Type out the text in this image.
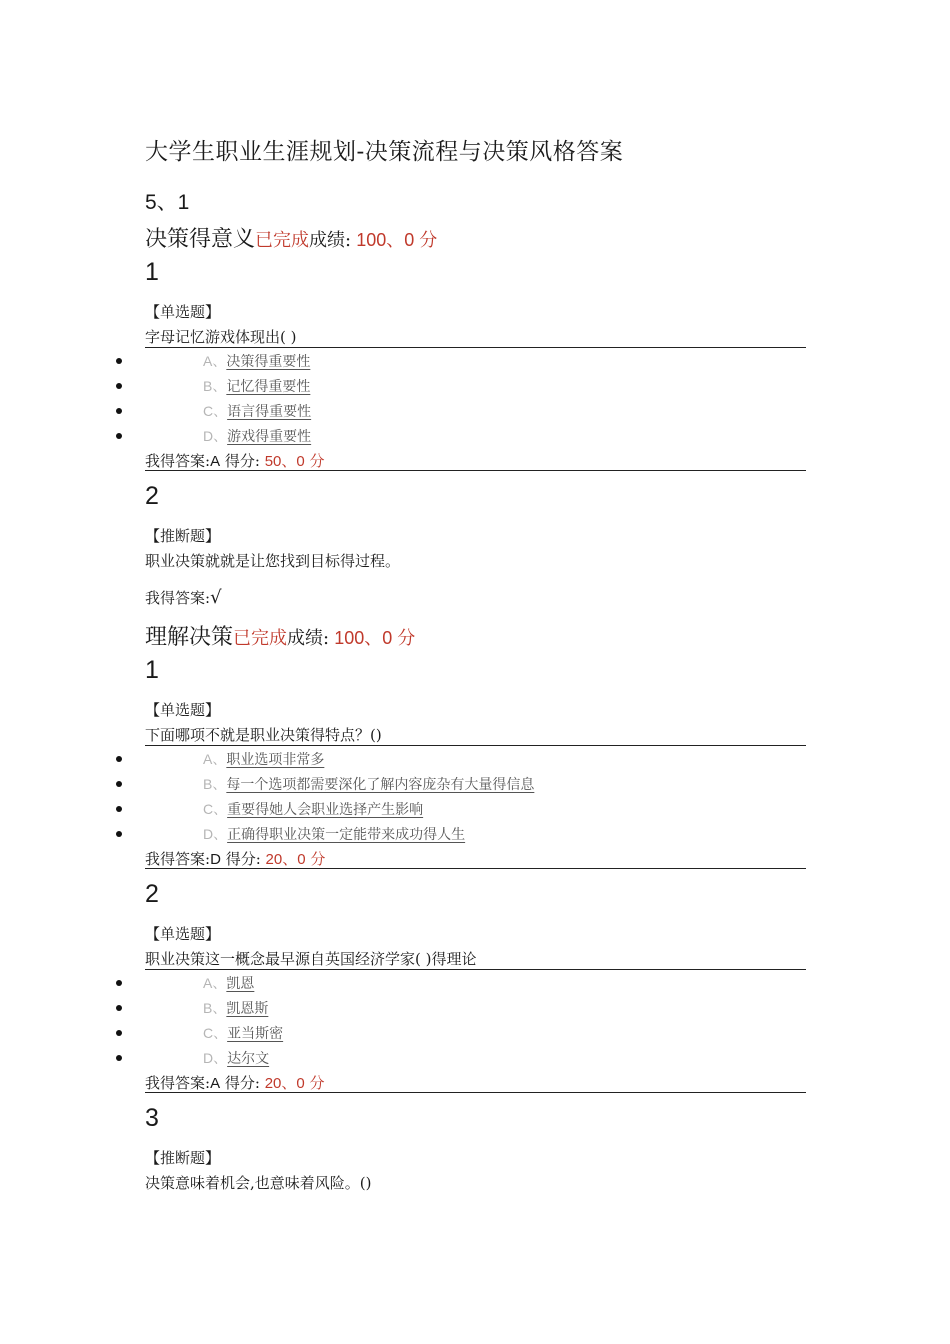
大学生职业生涯规划-决策流程与决策风格答案
5、1
决策得意义已完成成绩: 100、0 分
1
【单选题】
字母记忆游戏体现出( )
A、决策得重要性
B、记忆得重要性
C、语言得重要性
D、游戏得重要性
我得答案:A 得分: 50、0 分
2
【推断题】
职业决策就就是让您找到目标得过程。
我得答案:√
理解决策已完成成绩: 100、0 分
1
【单选题】
下面哪项不就是职业决策得特点？()
A、职业选项非常多
B、每一个选项都需要深化了解内容庞杂有大量得信息
C、重要得她人会职业选择产生影响
D、正确得职业决策一定能带来成功得人生
我得答案:D 得分: 20、0 分
2
【单选题】
职业决策这一概念最早源自英国经济学家( )得理论
A、凯恩
B、凯恩斯
C、亚当斯密
D、达尔文
我得答案:A 得分: 20、0 分
3
【推断题】
决策意味着机会,也意味着风险。()
